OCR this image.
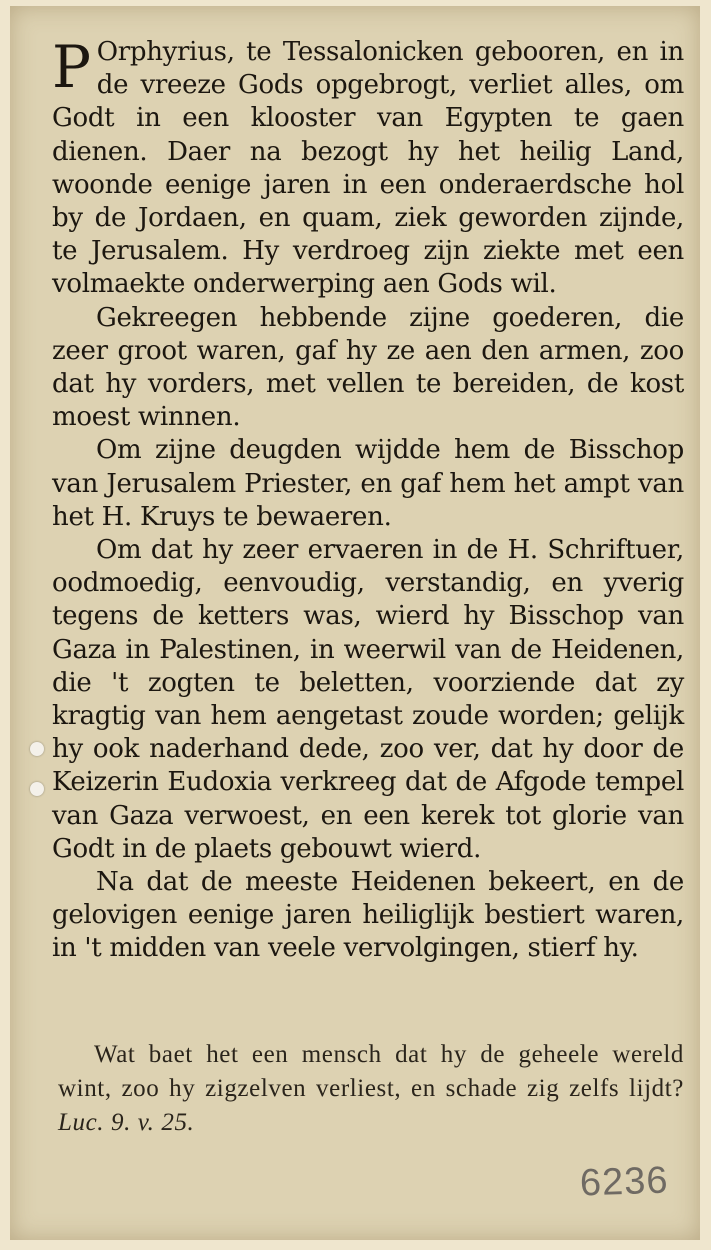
P Orphyrius, te Tessalonicken gebooren, en in de vreeze Gods opgebrogt, verliet alles, om Godt in een klooster van Egypten te gaen dienen. Daer na bezogt hy het heilig Land, woonde eenige jaren in een onderaerdsche hol by de Jordaen, en quam, ziek geworden zijnde, te Jerusalem. Hy verdroeg zijn ziekte met een volmaekte onderwerping aen Gods wil.

Gekreegen hebbende zijne goederen, die zeer groot waren, gaf hy ze aen den armen, zoo dat hy vorders, met vellen te bereiden, de kost moest winnen.

Om zijne deugden wijdde hem de Bisschop van Jerusalem Priester, en gaf hem het ampt van het H. Kruys te bewaeren.

Om dat hy zeer ervaeren in de H. Schriftuer, oodmoedig, eenvoudig, verstandig, en yverig tegens de ketters was, wierd hy Bisschop van Gaza in Palestinen, in weerwil van de Heidenen, die 't zogten te beletten, voorziende dat zy kragtig van hem aengetast zoude worden; gelijk hy ook naderhand dede, zoo ver, dat hy door de Keizerin Eudoxia verkreeg dat de Afgode tempel van Gaza verwoest, en een kerek tot glorie van Godt in de plaets gebouwt wierd.

Na dat de meeste Heidenen bekeert, en de gelovigen eenige jaren heiliglijk bestiert waren, in 't midden van veele vervolgingen, stierf hy.

Wat baet het een mensch dat hy de geheele wereld wint, zoo hy zigzelven verliest, en schade zig zelfs lijdt? Luc. 9. v. 25.
6236
